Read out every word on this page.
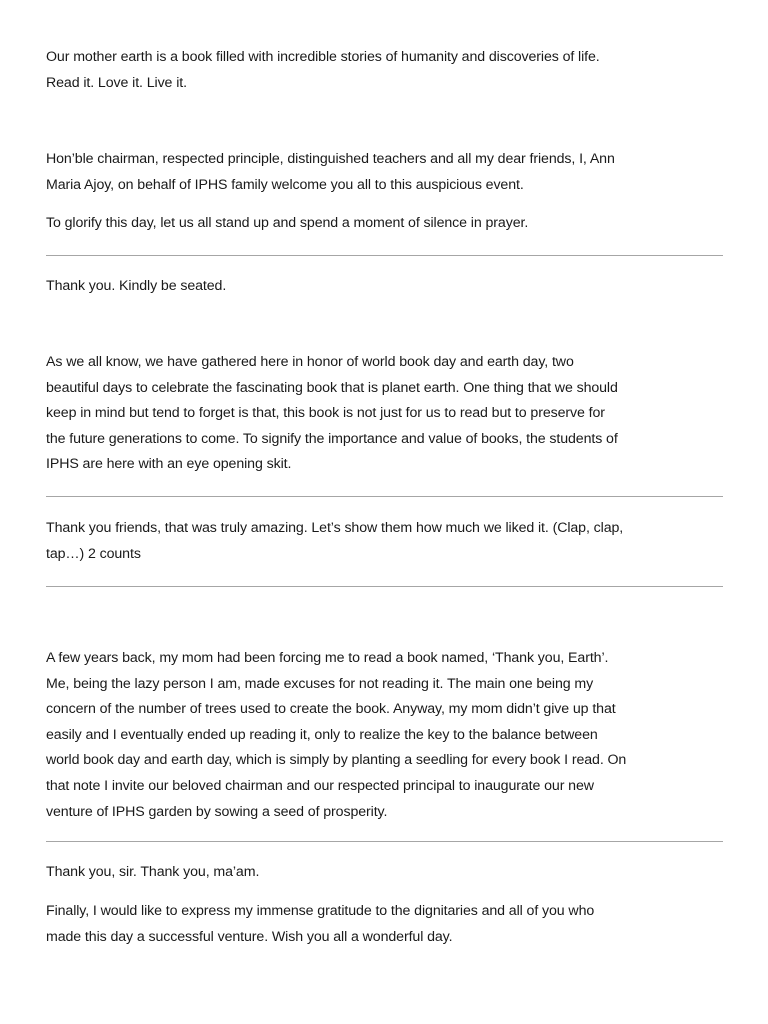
Our mother earth is a book filled with incredible stories of humanity and discoveries of life.
Read it. Love it. Live it.

Hon’ble chairman, respected principle, distinguished teachers and all my dear friends, I, Ann
Maria Ajoy, on behalf of IPHS family welcome you all to this auspicious event.

To glorify this day, let us all stand up and spend a moment of silence in prayer.

Thank you. Kindly be seated.

As we all know, we have gathered here in honor of world book day and earth day, two
beautiful days to celebrate the fascinating book that is planet earth. One thing that we should
keep in mind but tend to forget is that, this book is not just for us to read but to preserve for
the future generations to come. To signify the importance and value of books, the students of
IPHS are here with an eye opening skit.

Thank you friends, that was truly amazing. Let’s show them how much we liked it. (Clap, clap,
tap…) 2 counts

A few years back, my mom had been forcing me to read a book named, ‘Thank you, Earth’.
Me, being the lazy person I am, made excuses for not reading it. The main one being my
concern of the number of trees used to create the book. Anyway, my mom didn’t give up that
easily and I eventually ended up reading it, only to realize the key to the balance between
world book day and earth day, which is simply by planting a seedling for every book I read. On
that note I invite our beloved chairman and our respected principal to inaugurate our new
venture of IPHS garden by sowing a seed of prosperity.

Thank you, sir. Thank you, ma’am.

Finally, I would like to express my immense gratitude to the dignitaries and all of you who
made this day a successful venture. Wish you all a wonderful day.
